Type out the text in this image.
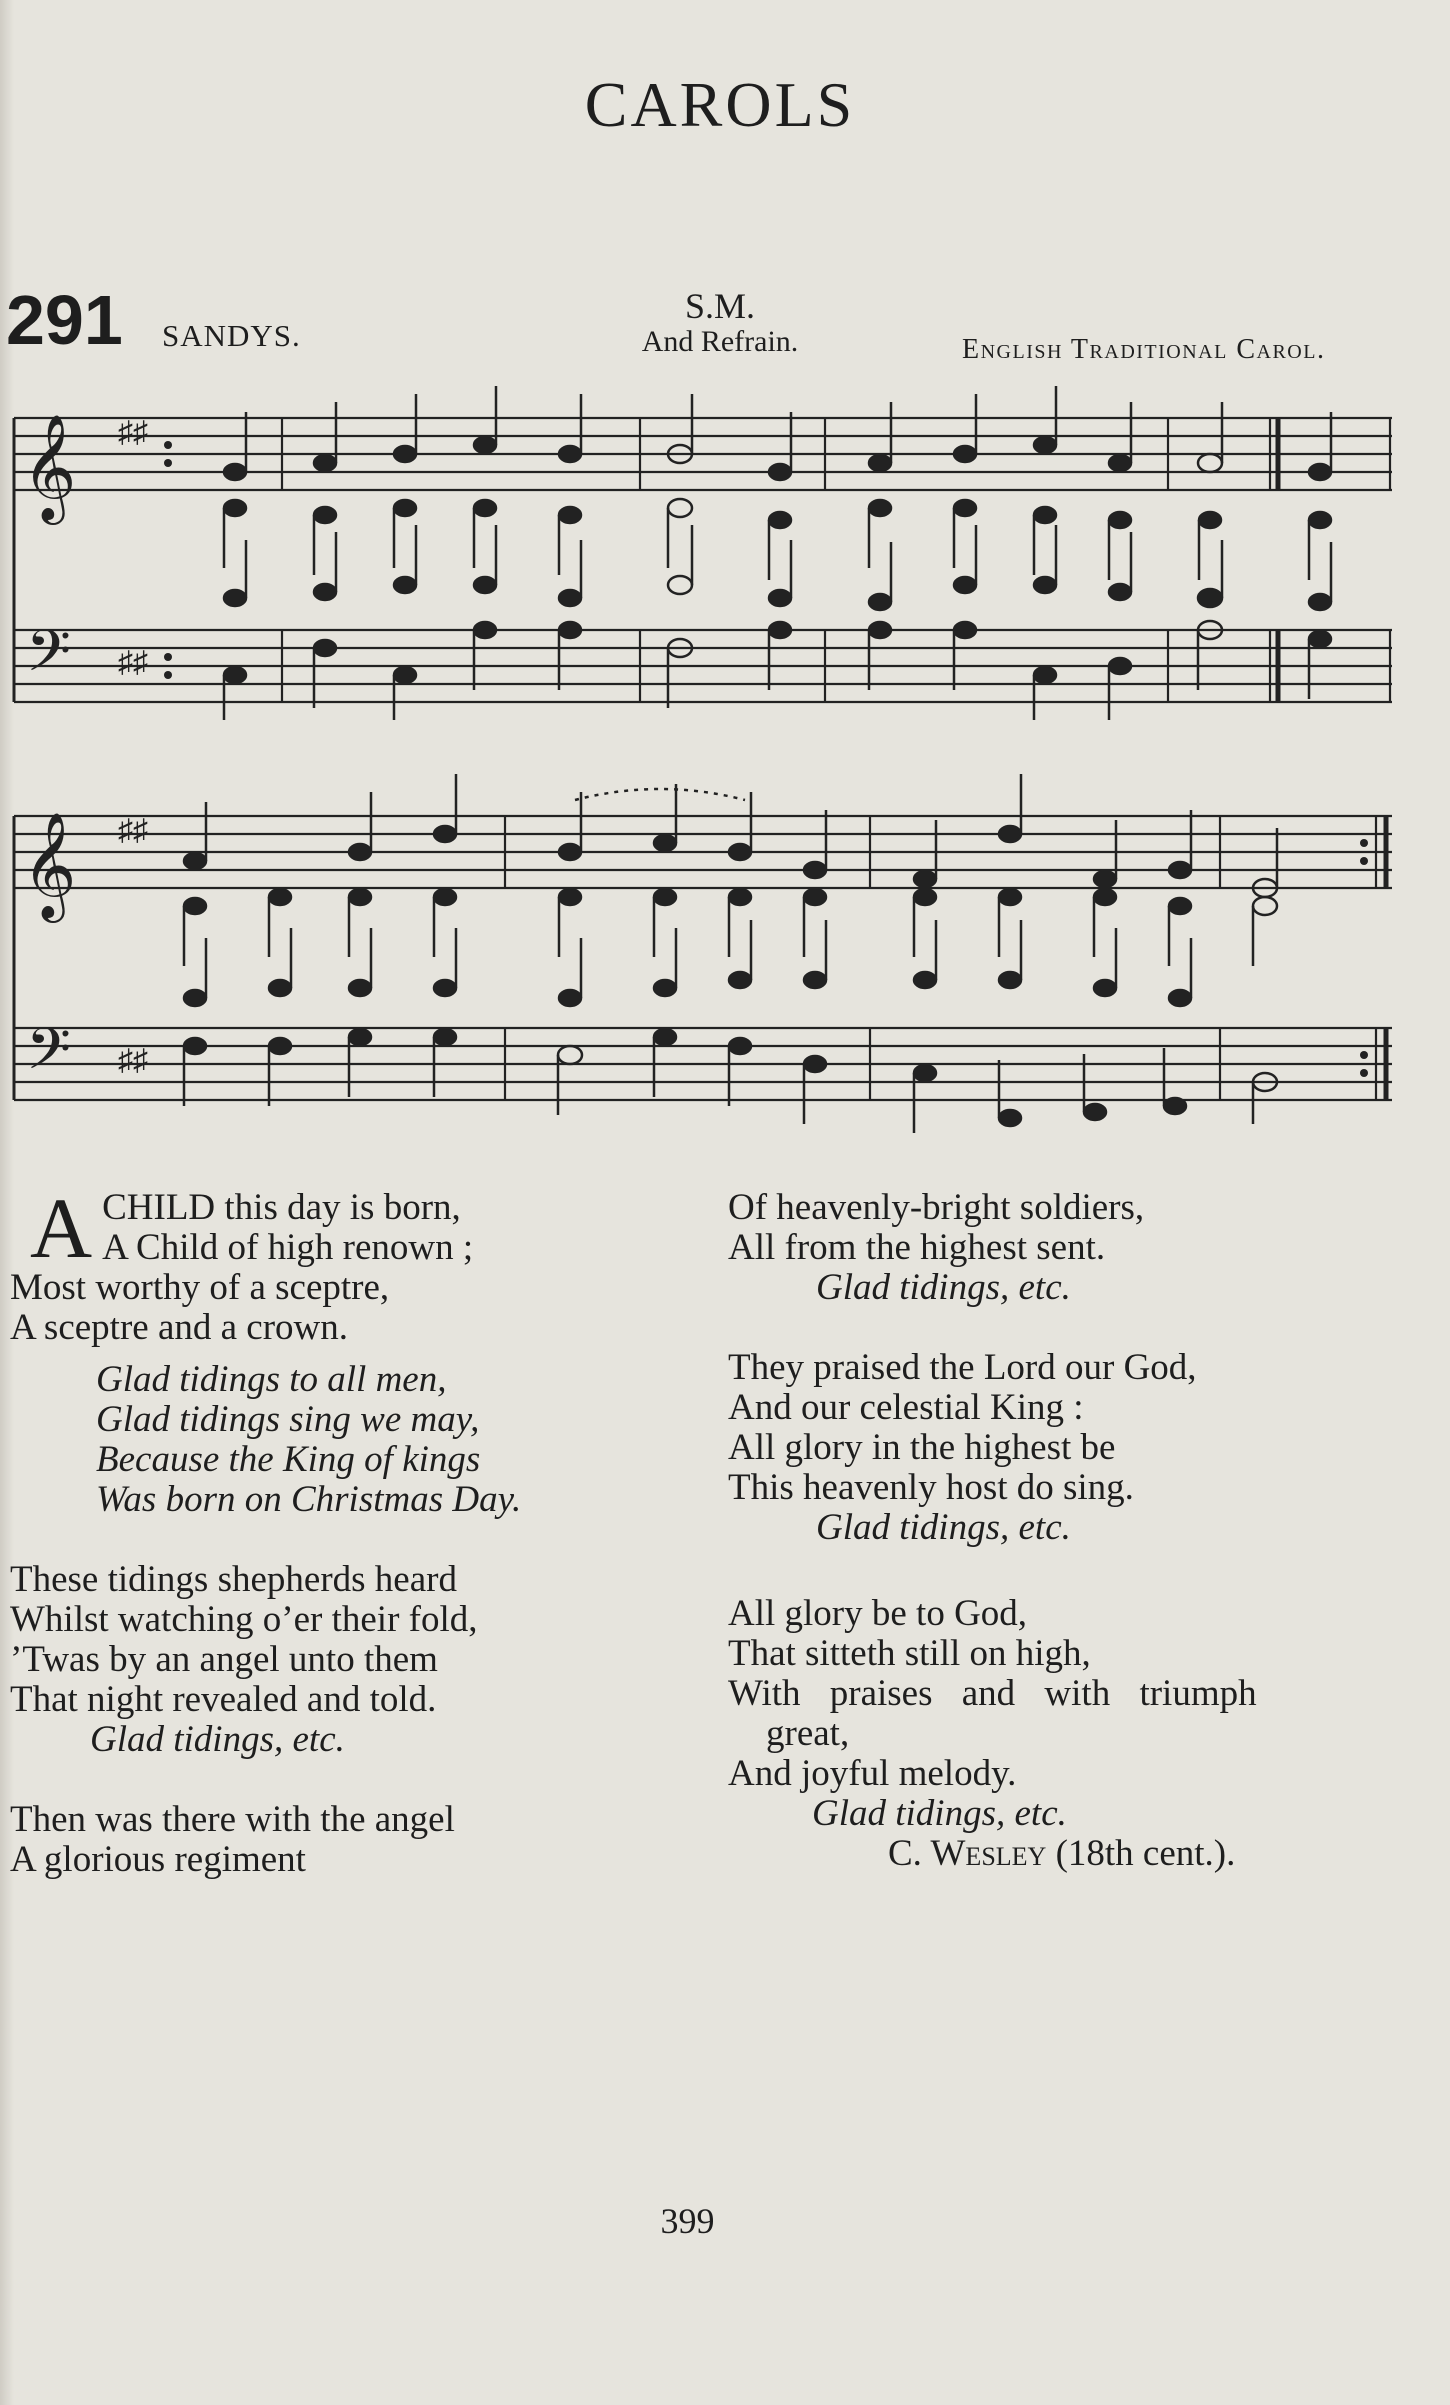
CAROLS
291 SANDYS.
S.M.
And Refrain.	English Traditional Carol.
𝄞
𝄢
♯♯
♯♯
𝄞
𝄢
♯♯
♯♯
A CHILD this day is born,

A Child of high renown ;

Most worthy of a sceptre,

A sceptre and a crown.

Glad tidings to all men,

Glad tidings sing we may,

Because the King of kings

Was born on Christmas Day.

These tidings shepherds heard

Whilst watching o’er their fold,

’Twas by an angel unto them

That night revealed and told.

Glad tidings, etc.

Then was there with the angel

A glorious regiment

Of heavenly-bright soldiers,

All from the highest sent.

Glad tidings, etc.

They praised the Lord our God,

And our celestial King :

All glory in the highest be

This heavenly host do sing.

Glad tidings, etc.

All glory be to God,

That sitteth still on high,

With praises and with triumph

great,

And joyful melody.

Glad tidings, etc.

C. Wesley (18th cent.).

399
